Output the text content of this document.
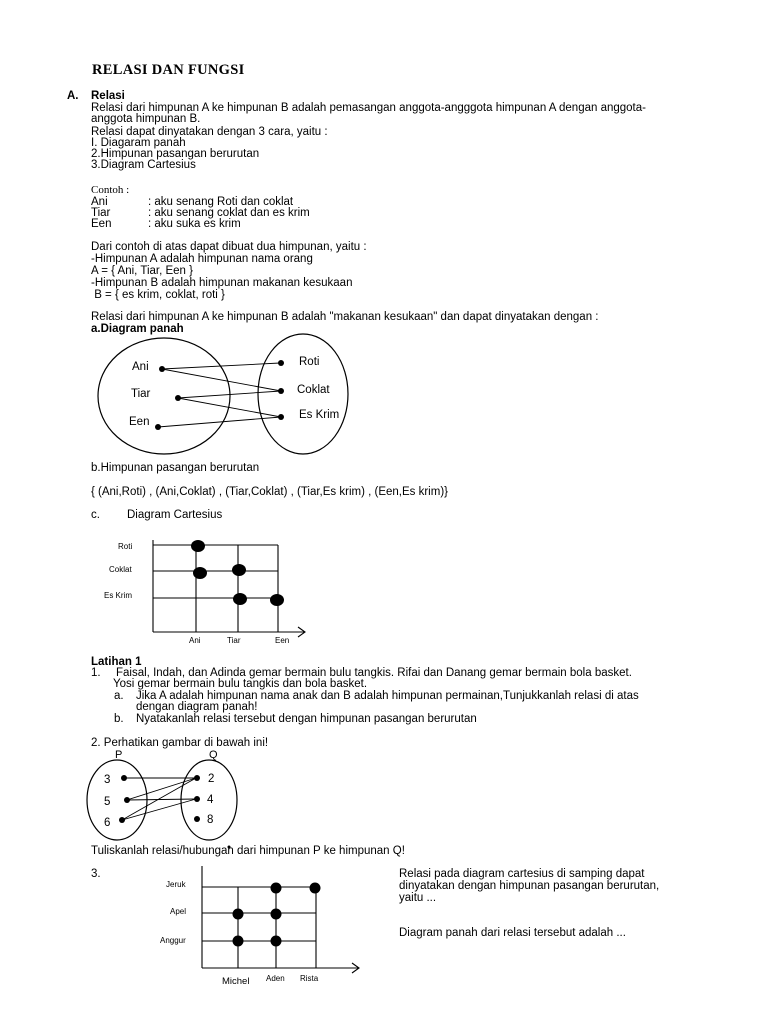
RELASI DAN FUNGSI
A. Relasi
Relasi dari himpunan A ke himpunan B adalah pemasangan anggota-angggota himpunan A dengan anggota-
anggota himpunan B.
Relasi dapat dinyatakan dengan 3 cara, yaitu :
I. Diagaram panah
2.Himpunan pasangan berurutan
3.Diagram Cartesius
Contoh :
Ani	: aku senang Roti dan coklat
Tiar	: aku senang coklat dan es krim
Een	: aku suka es krim
Dari contoh di atas dapat dibuat dua himpunan, yaitu :
-Himpunan A adalah himpunan nama orang
A = { Ani, Tiar, Een }
-Himpunan B adalah himpunan makanan kesukaan
B = { es krim, coklat, roti }
Relasi dari himpunan A ke himpunan B adalah "makanan kesukaan" dan dapat dinyatakan dengan :
a.Diagram panah
Ani
Tiar
Een
Roti
Coklat
Es Krim
b.Himpunan pasangan berurutan
{ (Ani,Roti) , (Ani,Coklat) , (Tiar,Coklat) , (Tiar,Es krim) , (Een,Es krim)}
c. Diagram Cartesius
Roti
Coklat
Es Krim
Ani	Tiar	Een
Latihan 1
1. Faisal, Indah, dan Adinda gemar bermain bulu tangkis. Rifai dan Danang gemar bermain bola basket.
Yosi gemar bermain bulu tangkis dan bola basket.
a. Jika A adalah himpunan nama anak dan B adalah himpunan permainan,Tunjukkanlah relasi di atas
dengan diagram panah!
b. Nyatakanlah relasi tersebut dengan himpunan pasangan berurutan
2. Perhatikan gambar di bawah ini!
P	Q
3
5
6
2
4
8
Tuliskanlah relasi/hubungan dari himpunan P ke himpunan Q!
3.
Jeruk
Apel
Anggur
Michel Aden Rista
Relasi pada diagram cartesius di samping dapat
dinyatakan dengan himpunan pasangan berurutan,
yaitu ...
Diagram panah dari relasi tersebut adalah ...
